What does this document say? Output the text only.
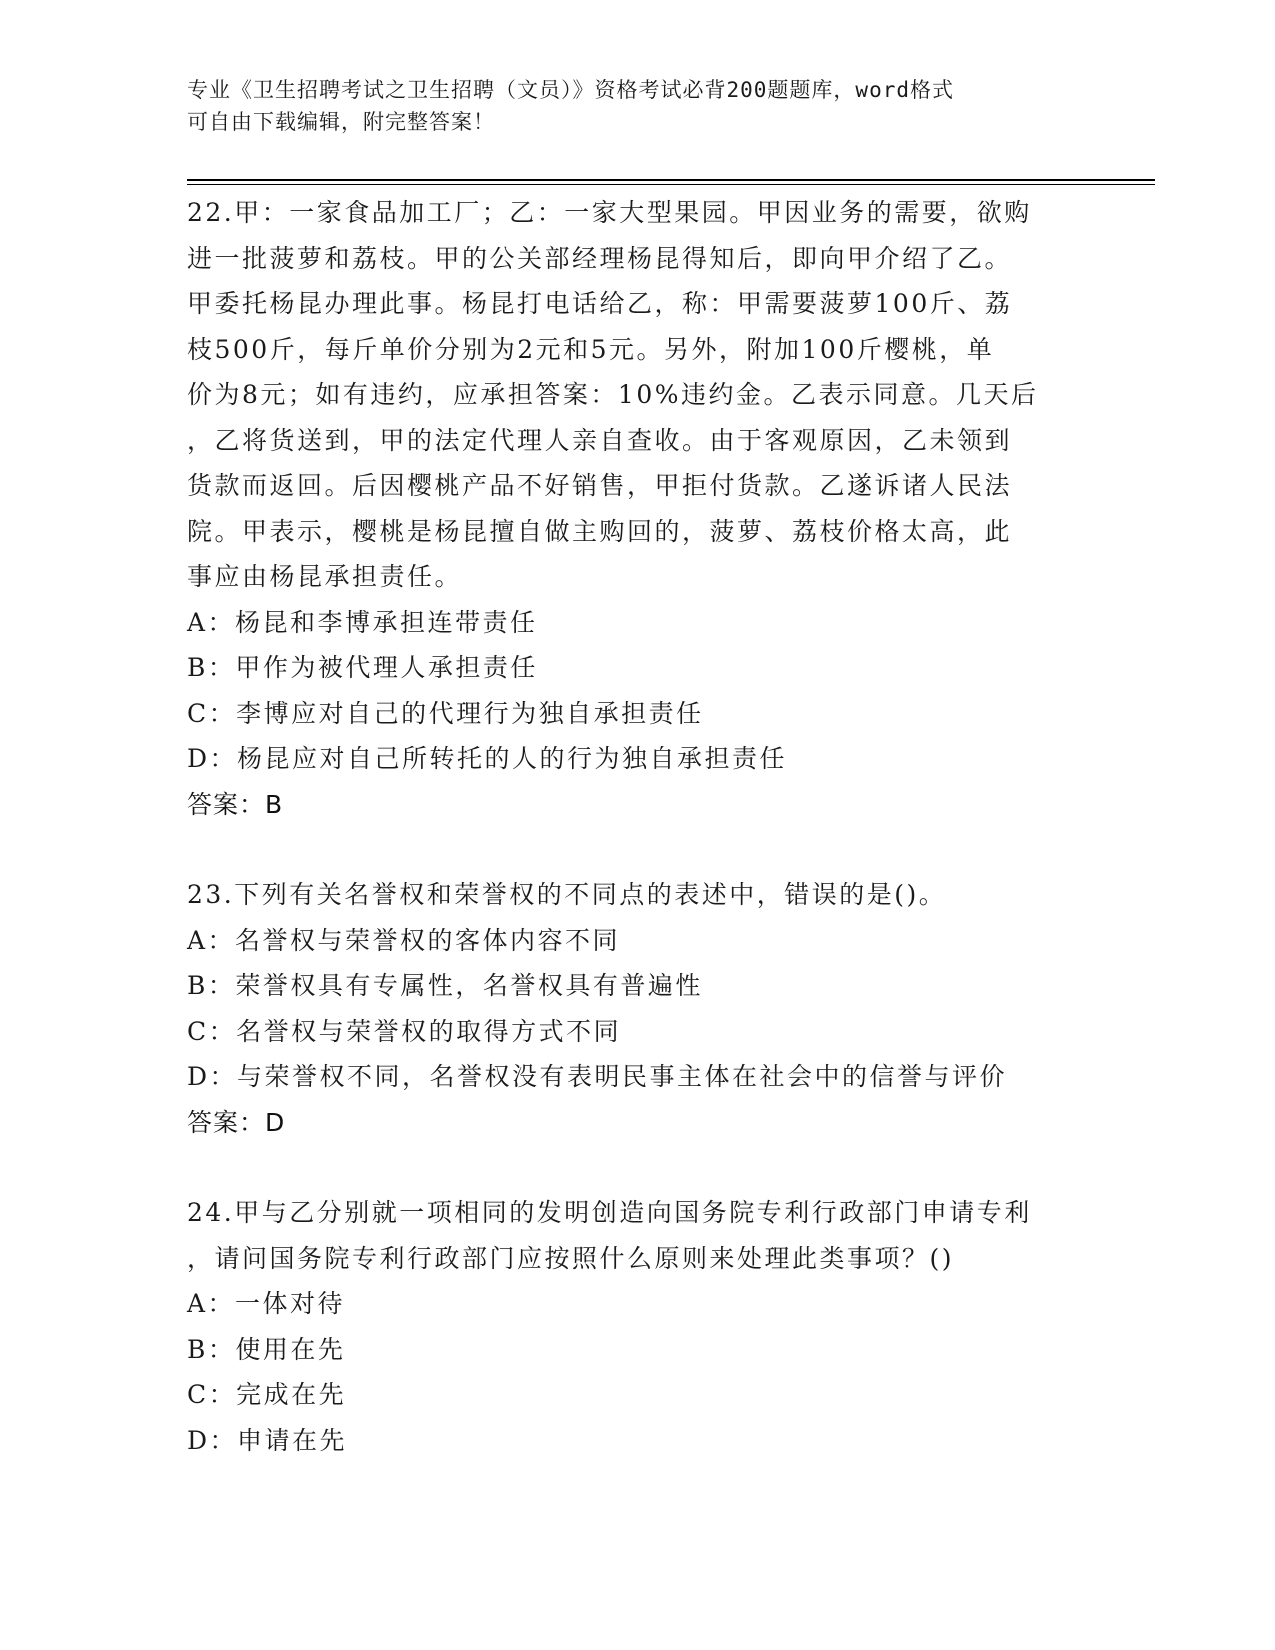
专业《卫生招聘考试之卫生招聘（文员）》资格考试必背200题题库，word格式
可自由下载编辑，附完整答案！
22.甲：一家食品加工厂；乙：一家大型果园。甲因业务的需要，欲购
进一批菠萝和荔枝。甲的公关部经理杨昆得知后，即向甲介绍了乙。
甲委托杨昆办理此事。杨昆打电话给乙，称：甲需要菠萝100斤、荔
枝500斤，每斤单价分别为2元和5元。另外，附加100斤樱桃，单
价为8元；如有违约，应承担答案：10%违约金。乙表示同意。几天后
，乙将货送到，甲的法定代理人亲自查收。由于客观原因，乙未领到
货款而返回。后因樱桃产品不好销售，甲拒付货款。乙遂诉诸人民法
院。甲表示，樱桃是杨昆擅自做主购回的，菠萝、荔枝价格太高，此
事应由杨昆承担责任。
A：杨昆和李博承担连带责任
B：甲作为被代理人承担责任
C：李博应对自己的代理行为独自承担责任
D：杨昆应对自己所转托的人的行为独自承担责任
答案：B
23.下列有关名誉权和荣誉权的不同点的表述中，错误的是()。
A：名誉权与荣誉权的客体内容不同
B：荣誉权具有专属性，名誉权具有普遍性
C：名誉权与荣誉权的取得方式不同
D：与荣誉权不同，名誉权没有表明民事主体在社会中的信誉与评价
答案：D
24.甲与乙分别就一项相同的发明创造向国务院专利行政部门申请专利
，请问国务院专利行政部门应按照什么原则来处理此类事项？()
A：一体对待
B：使用在先
C：完成在先
D：申请在先
